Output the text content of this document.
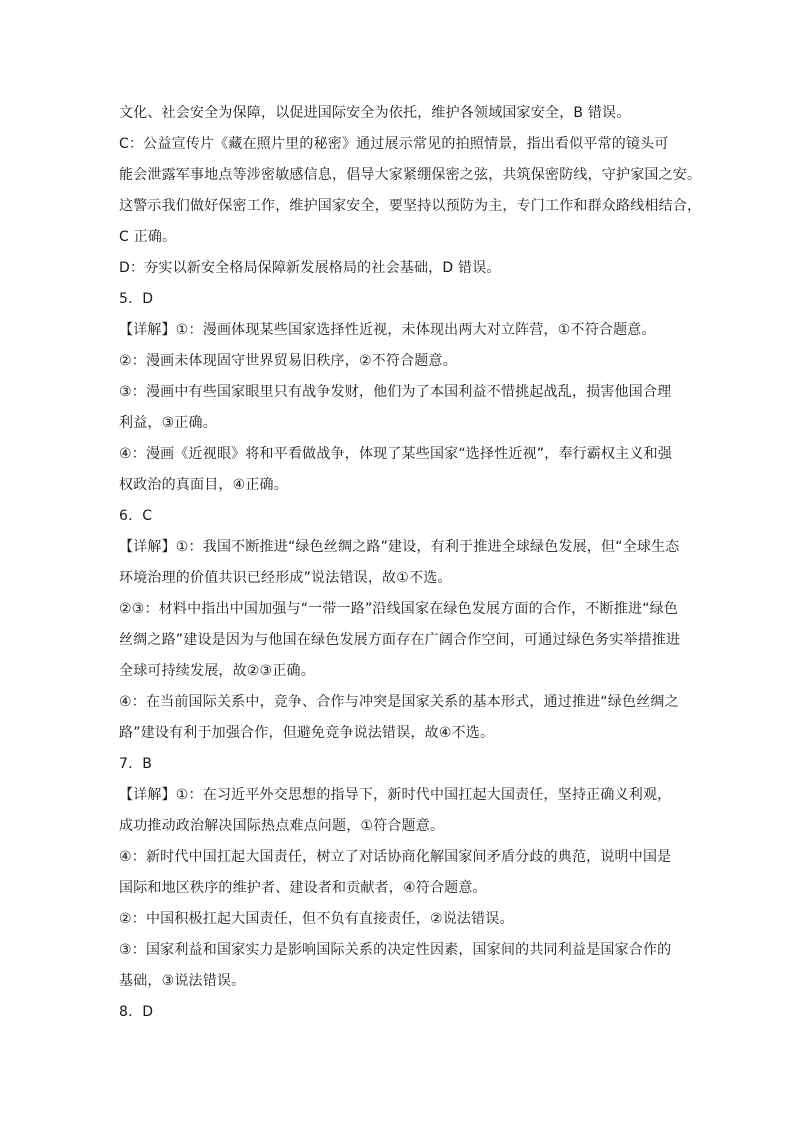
文化、社会安全为保障，以促进国际安全为依托，维护各领域国家安全，B 错误。
C：公益宣传片《藏在照片里的秘密》通过展示常见的拍照情景，指出看似平常的镜头可
能会泄露军事地点等涉密敏感信息，倡导大家紧绷保密之弦，共筑保密防线，守护家国之安。
这警示我们做好保密工作，维护国家安全，要坚持以预防为主，专门工作和群众路线相结合，
C 正确。
D：夯实以新安全格局保障新发展格局的社会基础，D 错误。
5．D
【详解】①：漫画体现某些国家选择性近视，未体现出两大对立阵营，①不符合题意。
②：漫画未体现固守世界贸易旧秩序，②不符合题意。
③：漫画中有些国家眼里只有战争发财，他们为了本国利益不惜挑起战乱，损害他国合理
利益，③正确。
④：漫画《近视眼》将和平看做战争，体现了某些国家“选择性近视”，奉行霸权主义和强
权政治的真面目，④正确。
6．C
【详解】①：我国不断推进“绿色丝绸之路”建设，有利于推进全球绿色发展，但“全球生态
环境治理的价值共识已经形成”说法错误，故①不选。
②③：材料中指出中国加强与“一带一路”沿线国家在绿色发展方面的合作，不断推进“绿色
丝绸之路”建设是因为与他国在绿色发展方面存在广阔合作空间，可通过绿色务实举措推进
全球可持续发展，故②③正确。
④：在当前国际关系中，竞争、合作与冲突是国家关系的基本形式，通过推进“绿色丝绸之
路”建设有利于加强合作，但避免竞争说法错误，故④不选。
7．B
【详解】①：在习近平外交思想的指导下，新时代中国扛起大国责任，坚持正确义利观，
成功推动政治解决国际热点难点问题，①符合题意。
④：新时代中国扛起大国责任，树立了对话协商化解国家间矛盾分歧的典范，说明中国是
国际和地区秩序的维护者、建设者和贡献者，④符合题意。
②：中国积极扛起大国责任，但不负有直接责任，②说法错误。
③：国家利益和国家实力是影响国际关系的决定性因素，国家间的共同利益是国家合作的
基础，③说法错误。
8．D
